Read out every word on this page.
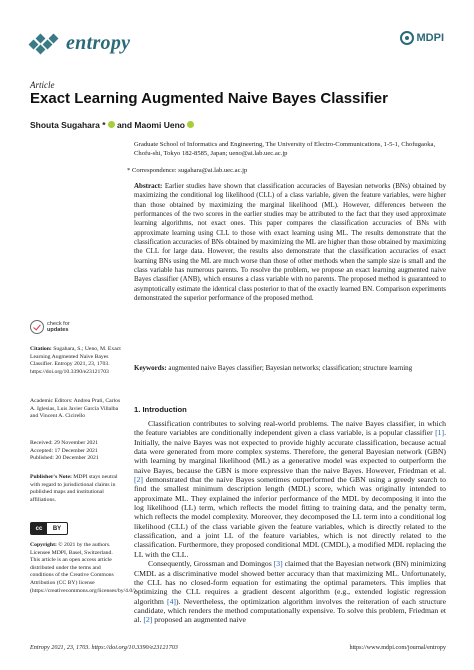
entropy	MDPI
Article
Exact Learning Augmented Naive Bayes Classifier
Shouta Sugahara * and Maomi Ueno
Graduate School of Informatics and Engineering, The University of Electro-Communications, 1-5-1, Chofugaoka, Chofu-shi, Tokyo 182-8585, Japan; ueno@ai.lab.uec.ac.jp
* Correspondence: sugahara@ai.lab.uec.ac.jp
Abstract: Earlier studies have shown that classification accuracies of Bayesian networks (BNs) obtained by maximizing the conditional log likelihood (CLL) of a class variable, given the feature variables, were higher than those obtained by maximizing the marginal likelihood (ML). However, differences between the performances of the two scores in the earlier studies may be attributed to the fact that they used approximate learning algorithms, not exact ones. This paper compares the classification accuracies of BNs with approximate learning using CLL to those with exact learning using ML. The results demonstrate that the classification accuracies of BNs obtained by maximizing the ML are higher than those obtained by maximizing the CLL for large data. However, the results also demonstrate that the classification accuracies of exact learning BNs using the ML are much worse than those of other methods when the sample size is small and the class variable has numerous parents. To resolve the problem, we propose an exact learning augmented naive Bayes classifier (ANB), which ensures a class variable with no parents. The proposed method is guaranteed to asymptotically estimate the identical class posterior to that of the exactly learned BN. Comparison experiments demonstrated the superior performance of the proposed method.
Keywords: augmented naive Bayes classifier; Bayesian networks; classification; structure learning
check for
updates
Citation: Sugahara, S.; Ueno, M. Exact Learning Augmented Naive Bayes Classifier. Entropy 2021, 23, 1703. https://doi.org/10.3390/e23121703
Academic Editors: Andrea Prati, Carlos A. Iglesias, Luis Javier García Villalba and Vincent A. Cicirello
Received: 29 November 2021
Accepted: 17 December 2021
Published: 20 December 2021
Publisher's Note: MDPI stays neutral with regard to jurisdictional claims in published maps and institutional affiliations.
cc	BY
Copyright: © 2021 by the authors. Licensee MDPI, Basel, Switzerland. This article is an open access article distributed under the terms and conditions of the Creative Commons Attribution (CC BY) license (https://creativecommons.org/licenses/by/4.0/).
1. Introduction

Classification contributes to solving real-world problems. The naive Bayes classifier, in which the feature variables are conditionally independent given a class variable, is a popular classifier [1]. Initially, the naive Bayes was not expected to provide highly accurate classification, because actual data were generated from more complex systems. Therefore, the general Bayesian network (GBN) with learning by marginal likelihood (ML) as a generative model was expected to outperform the naive Bayes, because the GBN is more expressive than the naive Bayes. However, Friedman et al. [2] demonstrated that the naive Bayes sometimes outperformed the GBN using a greedy search to find the smallest minimum description length (MDL) score, which was originally intended to approximate ML. They explained the inferior performance of the MDL by decomposing it into the log likelihood (LL) term, which reflects the model fitting to training data, and the penalty term, which reflects the model complexity. Moreover, they decomposed the LL term into a conditional log likelihood (CLL) of the class variable given the feature variables, which is directly related to the classification, and a joint LL of the feature variables, which is not directly related to the classification. Furthermore, they proposed conditional MDL (CMDL), a modified MDL replacing the LL with the CLL.

Consequently, Grossman and Domingos [3] claimed that the Bayesian network (BN) minimizing CMDL as a discriminative model showed better accuracy than that maximizing ML. Unfortunately, the CLL has no closed-form equation for estimating the optimal parameters. This implies that optimizing the CLL requires a gradient descent algorithm (e.g., extended logistic regression algorithm [4]). Nevertheless, the optimization algorithm involves the reiteration of each structure candidate, which renders the method computationally expensive. To solve this problem, Friedman et al. [2] proposed an augmented naive

Entropy 2021, 23, 1703. https://doi.org/10.3390/e23121703	https://www.mdpi.com/journal/entropy
